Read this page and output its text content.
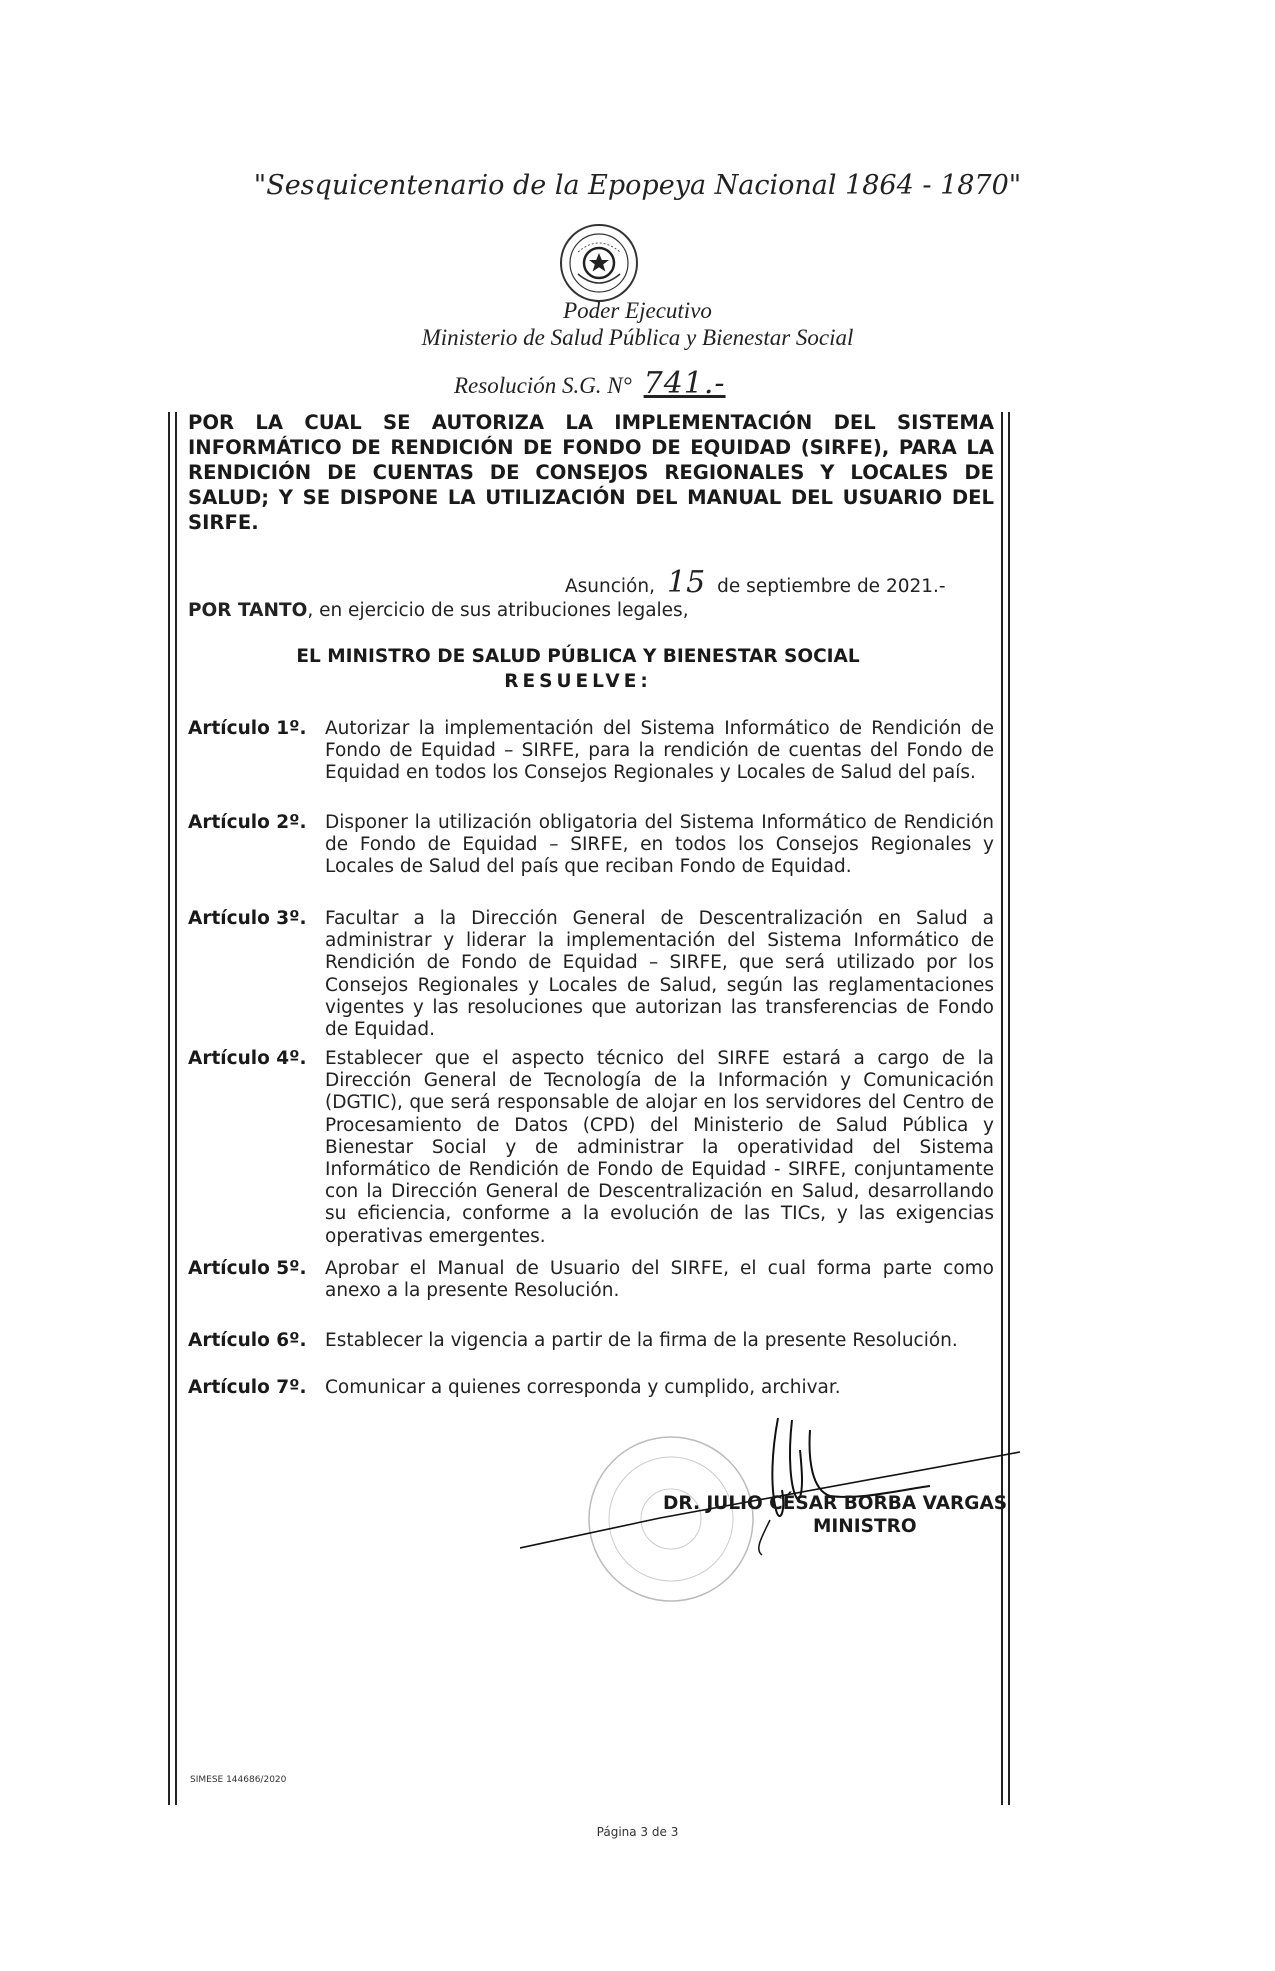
"Sesquicentenario de la Epopeya Nacional 1864 - 1870"
Poder Ejecutivo
Ministerio de Salud Pública y Bienestar Social
Resolución S.G. N° 741.-
POR LA CUAL SE AUTORIZA LA IMPLEMENTACIÓN DEL SISTEMA INFORMÁTICO DE RENDICIÓN DE FONDO DE EQUIDAD (SIRFE), PARA LA RENDICIÓN DE CUENTAS DE CONSEJOS REGIONALES Y LOCALES DE SALUD; Y SE DISPONE LA UTILIZACIÓN DEL MANUAL DEL USUARIO DEL SIRFE.
Asunción, 15 de septiembre de 2021.-
POR TANTO, en ejercicio de sus atribuciones legales,
EL MINISTRO DE SALUD PÚBLICA Y BIENESTAR SOCIAL
RESUELVE:
Artículo 1º. Autorizar la implementación del Sistema Informático de Rendición de Fondo de Equidad – SIRFE, para la rendición de cuentas del Fondo de Equidad en todos los Consejos Regionales y Locales de Salud del país.
Artículo 2º. Disponer la utilización obligatoria del Sistema Informático de Rendición de Fondo de Equidad – SIRFE, en todos los Consejos Regionales y Locales de Salud del país que reciban Fondo de Equidad.
Artículo 3º. Facultar a la Dirección General de Descentralización en Salud a administrar y liderar la implementación del Sistema Informático de Rendición de Fondo de Equidad – SIRFE, que será utilizado por los Consejos Regionales y Locales de Salud, según las reglamentaciones vigentes y las resoluciones que autorizan las transferencias de Fondo de Equidad.
Artículo 4º. Establecer que el aspecto técnico del SIRFE estará a cargo de la Dirección General de Tecnología de la Información y Comunicación (DGTIC), que será responsable de alojar en los servidores del Centro de Procesamiento de Datos (CPD) del Ministerio de Salud Pública y Bienestar Social y de administrar la operatividad del Sistema Informático de Rendición de Fondo de Equidad - SIRFE, conjuntamente con la Dirección General de Descentralización en Salud, desarrollando su eficiencia, conforme a la evolución de las TICs, y las exigencias operativas emergentes.
Artículo 5º. Aprobar el Manual de Usuario del SIRFE, el cual forma parte como anexo a la presente Resolución.
Artículo 6º. Establecer la vigencia a partir de la firma de la presente Resolución.
Artículo 7º. Comunicar a quienes corresponda y cumplido, archivar.
DR. JULIO CÉSAR BORBA VARGAS
MINISTRO
SIMESE 144686/2020
Página 3 de 3
